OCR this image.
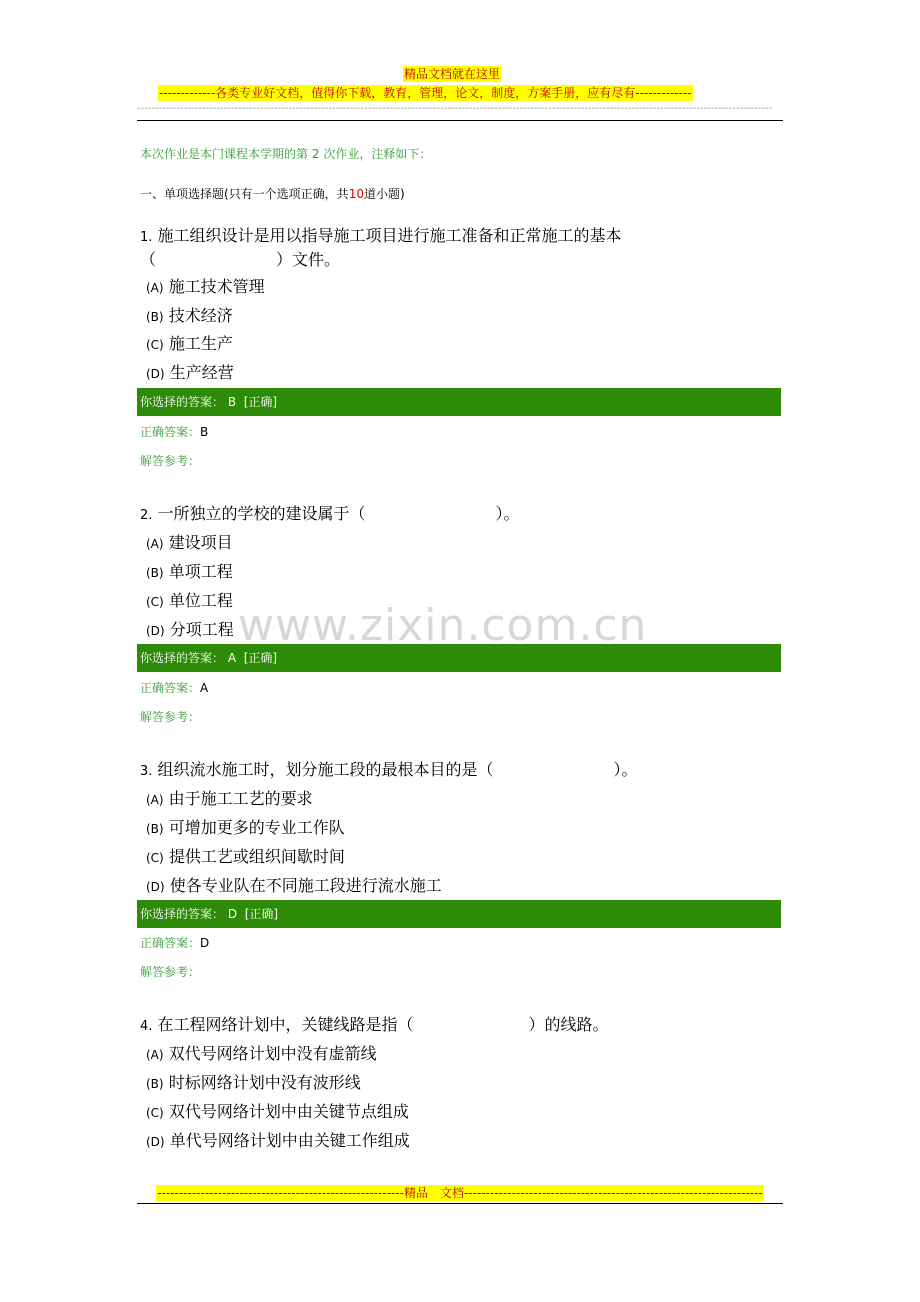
精品文档就在这里
-------------各类专业好文档，值得你下载，教育，管理，论文，制度，方案手册，应有尽有-------------
--------------------------------------------------------------------------------------------------------------------------------------------------------------------------------
本次作业是本门课程本学期的第 2 次作业，注释如下：
一、单项选择题(只有一个选项正确，共10道小题)
1. 施工组织设计是用以指导施工项目进行施工准备和正常施工的基本
（	）文件。
(A) 施工技术管理
(B) 技术经济
(C) 施工生产
(D) 生产经营
你选择的答案： B [正确]
正确答案：B
解答参考：
2. 一所独立的学校的建设属于（	）。
(A) 建设项目
(B) 单项工程
(C) 单位工程
(D) 分项工程
你选择的答案： A [正确]
正确答案：A
解答参考：
3. 组织流水施工时，划分施工段的最根本目的是（	）。
(A) 由于施工工艺的要求
(B) 可增加更多的专业工作队
(C) 提供工艺或组织间歇时间
(D) 使各专业队在不同施工段进行流水施工
你选择的答案： D [正确]
正确答案：D
解答参考：
4. 在工程网络计划中，关键线路是指（	）的线路。
(A) 双代号网络计划中没有虚箭线
(B) 时标网络计划中没有波形线
(C) 双代号网络计划中由关键节点组成
(D) 单代号网络计划中由关键工作组成
www.zixin.com.cn
---------------------------------------------------------精品　文档---------------------------------------------------------------------
